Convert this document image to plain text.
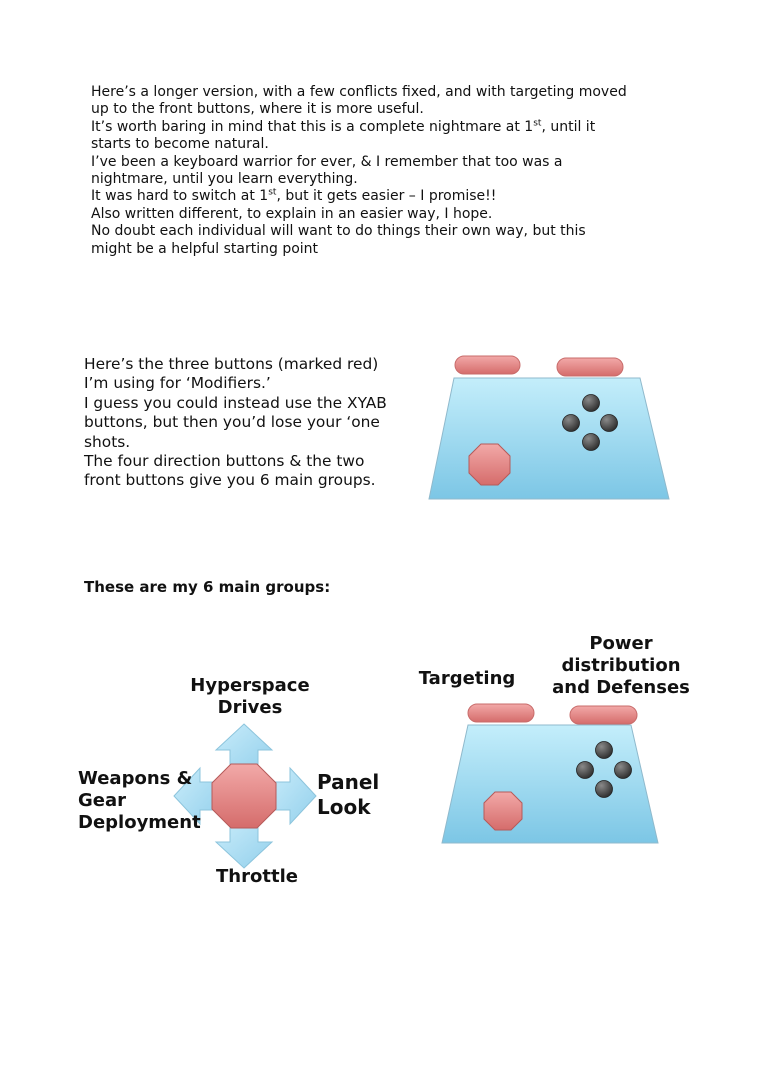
Here’s a longer version, with a few conflicts fixed, and with targeting moved
up to the front buttons, where it is more useful.
It’s worth baring in mind that this is a complete nightmare at 1st, until it
starts to become natural.
I’ve been a keyboard warrior for ever, & I remember that too was a
nightmare, until you learn everything.
It was hard to switch at 1st, but it gets easier – I promise!!
Also written different, to explain in an easier way, I hope.
No doubt each individual will want to do things their own way, but this
might be a helpful starting point
Here’s the three buttons (marked red)
I’m using for ‘Modifiers.’
I guess you could instead use the XYAB
buttons, but then you’d lose your ‘one
shots.
The four direction buttons & the two
front buttons give you 6 main groups.
These are my 6 main groups:
Hyperspace
Drives
Weapons &
Gear
Deployment
Panel
Look
Throttle
Targeting
Power
distribution
and Defenses
